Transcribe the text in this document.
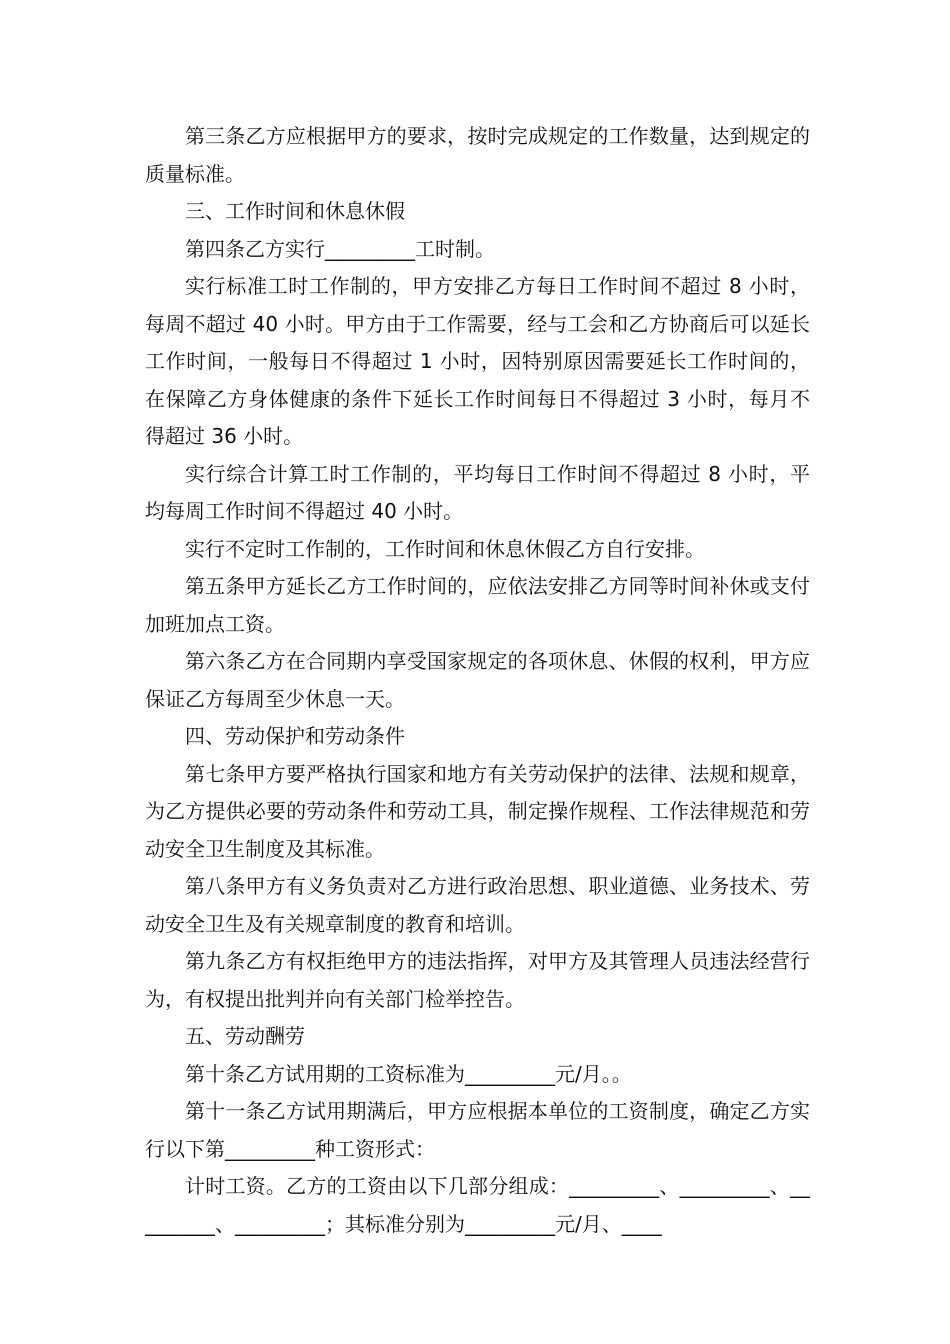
第三条乙方应根据甲方的要求，按时完成规定的工作数量，达到规定的质量标准。

三、工作时间和休息休假

第四条乙方实行_________工时制。

实行标准工时工作制的，甲方安排乙方每日工作时间不超过 8 小时，每周不超过 40 小时。甲方由于工作需要，经与工会和乙方协商后可以延长工作时间，一般每日不得超过 1 小时，因特别原因需要延长工作时间的，在保障乙方身体健康的条件下延长工作时间每日不得超过 3 小时，每月不得超过 36 小时。

实行综合计算工时工作制的，平均每日工作时间不得超过 8 小时，平均每周工作时间不得超过 40 小时。

实行不定时工作制的，工作时间和休息休假乙方自行安排。

第五条甲方延长乙方工作时间的，应依法安排乙方同等时间补休或支付加班加点工资。

第六条乙方在合同期内享受国家规定的各项休息、休假的权利，甲方应保证乙方每周至少休息一天。

四、劳动保护和劳动条件

第七条甲方要严格执行国家和地方有关劳动保护的法律、法规和规章，为乙方提供必要的劳动条件和劳动工具，制定操作规程、工作法律规范和劳动安全卫生制度及其标准。

第八条甲方有义务负责对乙方进行政治思想、职业道德、业务技术、劳动安全卫生及有关规章制度的教育和培训。

第九条乙方有权拒绝甲方的违法指挥，对甲方及其管理人员违法经营行为，有权提出批判并向有关部门检举控告。

五、劳动酬劳

第十条乙方试用期的工资标准为_________元/月。。

第十一条乙方试用期满后，甲方应根据本单位的工资制度，确定乙方实行以下第_________种工资形式：

计时工资。乙方的工资由以下几部分组成：_________、_________、_________、_________；其标准分别为_________元/月、____
